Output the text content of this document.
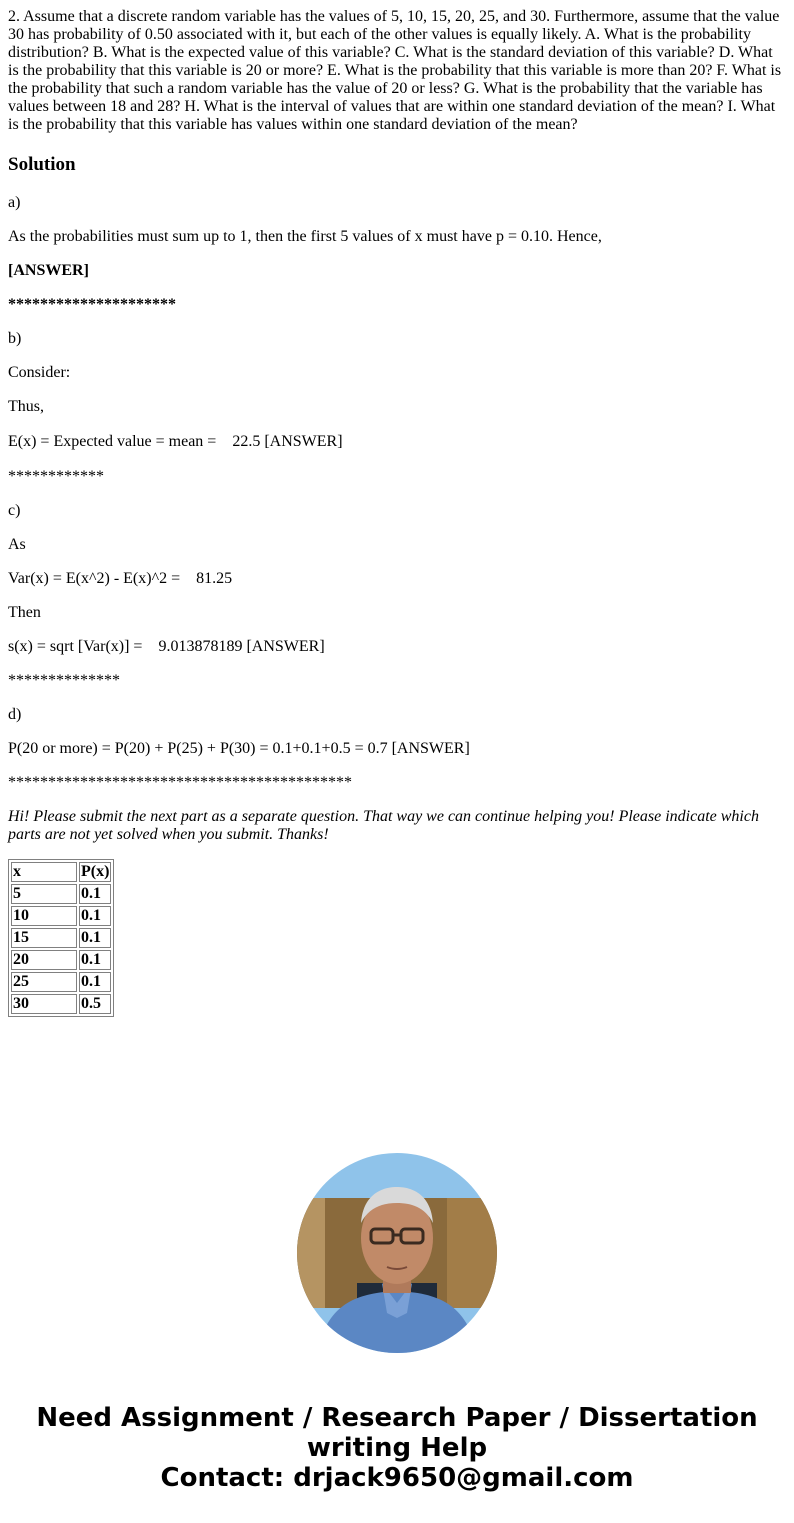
2. Assume that a discrete random variable has the values of 5, 10, 15, 20, 25, and 30. Furthermore, assume that the value 30 has probability of 0.50 associated with it, but each of the other values is equally likely. A. What is the probability distribution? B. What is the expected value of this variable? C. What is the standard deviation of this variable? D. What is the probability that this variable is 20 or more? E. What is the probability that this variable is more than 20? F. What is the probability that such a random variable has the value of 20 or less? G. What is the probability that the variable has values between 18 and 28? H. What is the interval of values that are within one standard deviation of the mean? I. What is the probability that this variable has values within one standard deviation of the mean?

Solution

a)

As the probabilities must sum up to 1, then the first 5 values of x must have p = 0.10. Hence,

[ANSWER]

*********************

b)

Consider:

Thus,

E(x) = Expected value = mean =    22.5 [ANSWER]

************

c)

As

Var(x) = E(x^2) - E(x)^2 =    81.25

Then

s(x) = sqrt [Var(x)] =    9.013878189 [ANSWER]

**************

d)

P(20 or more) = P(20) + P(25) + P(30) = 0.1+0.1+0.5 = 0.7 [ANSWER]

*******************************************

Hi! Please submit the next part as a separate question. That way we can continue helping you! Please indicate which parts are not yet solved when you submit. Thanks!

x	P(x)
5	0.1
10	0.1
15	0.1
20	0.1
25	0.1
30	0.5
Need Assignment / Research Paper / Dissertation
writing Help
Contact: drjack9650@gmail.com
